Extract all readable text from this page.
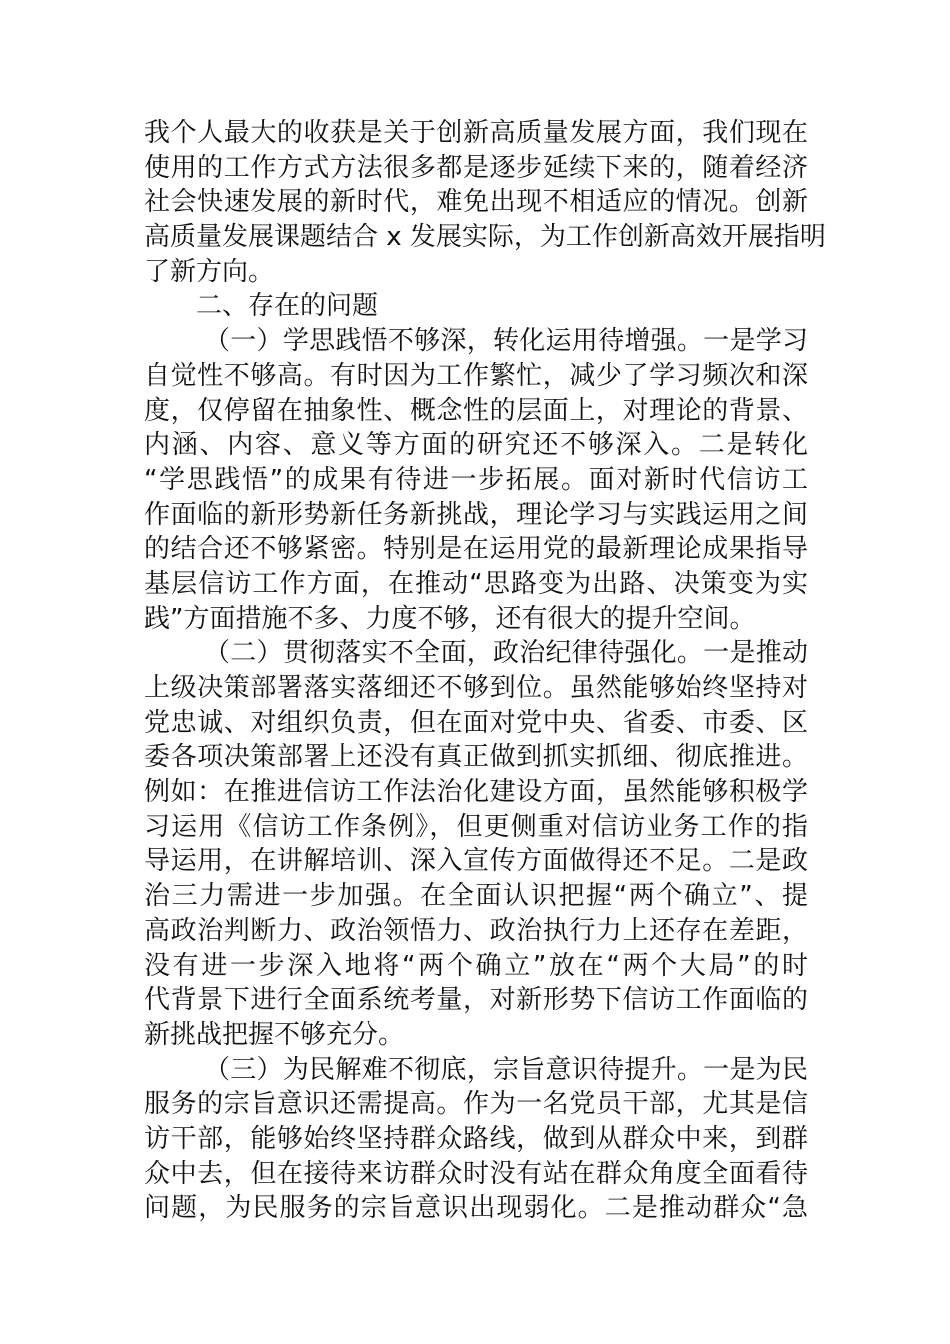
我个人最大的收获是关于创新高质量发展方面，我们现在
使用的工作方式方法很多都是逐步延续下来的，随着经济
社会快速发展的新时代，难免出现不相适应的情况。创新
高质量发展课题结合 x 发展实际，为工作创新高效开展指明
了新方向。
二、存在的问题
（一）学思践悟不够深，转化运用待增强。一是学习
自觉性不够高。有时因为工作繁忙，减少了学习频次和深
度，仅停留在抽象性、概念性的层面上，对理论的背景、
内涵、内容、意义等方面的研究还不够深入。二是转化
“学思践悟”的成果有待进一步拓展。面对新时代信访工
作面临的新形势新任务新挑战，理论学习与实践运用之间
的结合还不够紧密。特别是在运用党的最新理论成果指导
基层信访工作方面，在推动“思路变为出路、决策变为实
践”方面措施不多、力度不够，还有很大的提升空间。
（二）贯彻落实不全面，政治纪律待强化。一是推动
上级决策部署落实落细还不够到位。虽然能够始终坚持对
党忠诚、对组织负责，但在面对党中央、省委、市委、区
委各项决策部署上还没有真正做到抓实抓细、彻底推进。
例如：在推进信访工作法治化建设方面，虽然能够积极学
习运用《信访工作条例》，但更侧重对信访业务工作的指
导运用，在讲解培训、深入宣传方面做得还不足。二是政
治三力需进一步加强。在全面认识把握“两个确立”、提
高政治判断力、政治领悟力、政治执行力上还存在差距，
没有进一步深入地将“两个确立”放在“两个大局”的时
代背景下进行全面系统考量，对新形势下信访工作面临的
新挑战把握不够充分。
（三）为民解难不彻底，宗旨意识待提升。一是为民
服务的宗旨意识还需提高。作为一名党员干部，尤其是信
访干部，能够始终坚持群众路线，做到从群众中来，到群
众中去，但在接待来访群众时没有站在群众角度全面看待
问题，为民服务的宗旨意识出现弱化。二是推动群众“急
